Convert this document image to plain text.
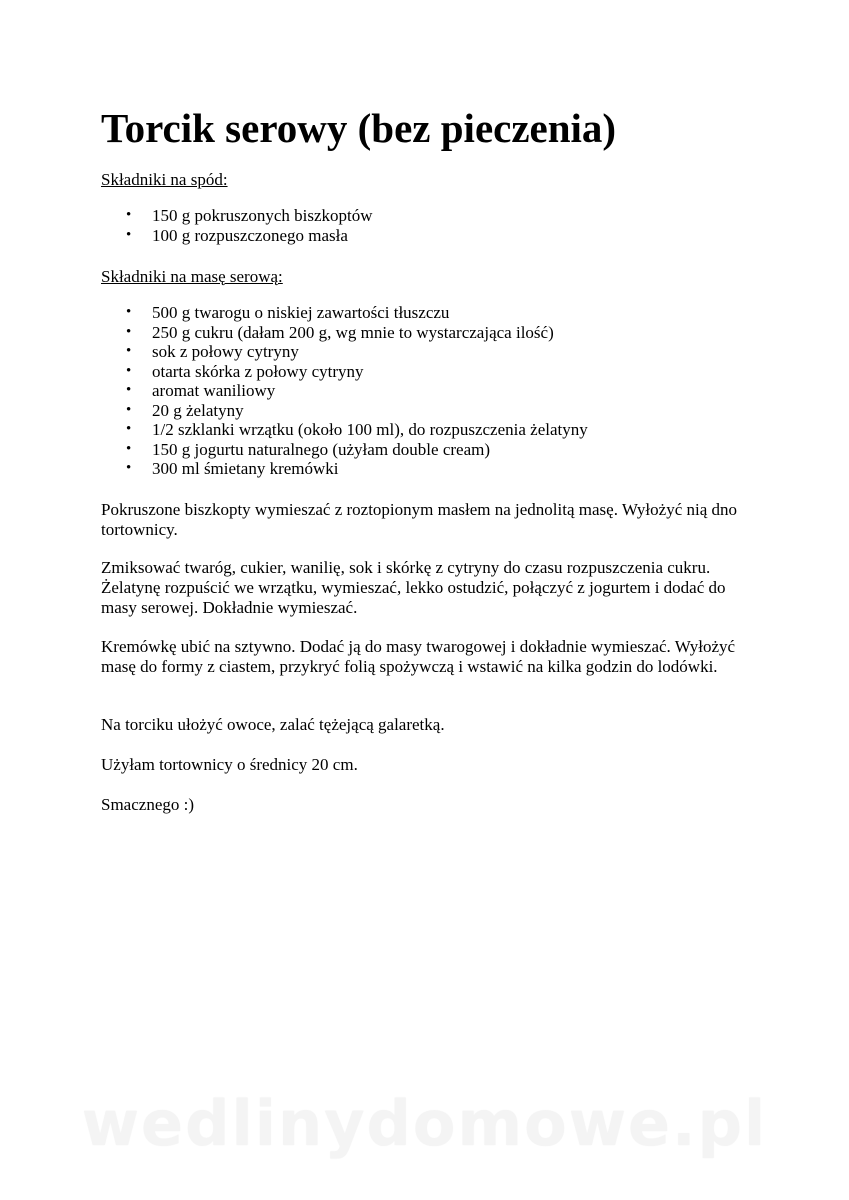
Torcik serowy (bez pieczenia)

Składniki na spód:

• 150 g pokruszonych biszkoptów
• 100 g rozpuszczonego masła

Składniki na masę serową:

• 500 g twarogu o niskiej zawartości tłuszczu
• 250 g cukru (dałam 200 g, wg mnie to wystarczająca ilość)
• sok z połowy cytryny
• otarta skórka z połowy cytryny
• aromat waniliowy
• 20 g żelatyny
• 1/2 szklanki wrzątku (około 100 ml), do rozpuszczenia żelatyny
• 150 g jogurtu naturalnego (użyłam double cream)
• 300 ml śmietany kremówki

Pokruszone biszkopty wymieszać z roztopionym masłem na jednolitą masę. Wyłożyć nią dno tortownicy.

Zmiksować twaróg, cukier, wanilię, sok i skórkę z cytryny do czasu rozpuszczenia cukru. Żelatynę rozpuścić we wrzątku, wymieszać, lekko ostudzić, połączyć z jogurtem i dodać do masy serowej. Dokładnie wymieszać.

Kremówkę ubić na sztywno. Dodać ją do masy twarogowej i dokładnie wymieszać. Wyłożyć masę do formy z ciastem, przykryć folią spożywczą i wstawić na kilka godzin do lodówki.

Na torciku ułożyć owoce, zalać tężejącą galaretką.

Użyłam tortownicy o średnicy 20 cm.

Smacznego :)

wedlinydomowe.pl
